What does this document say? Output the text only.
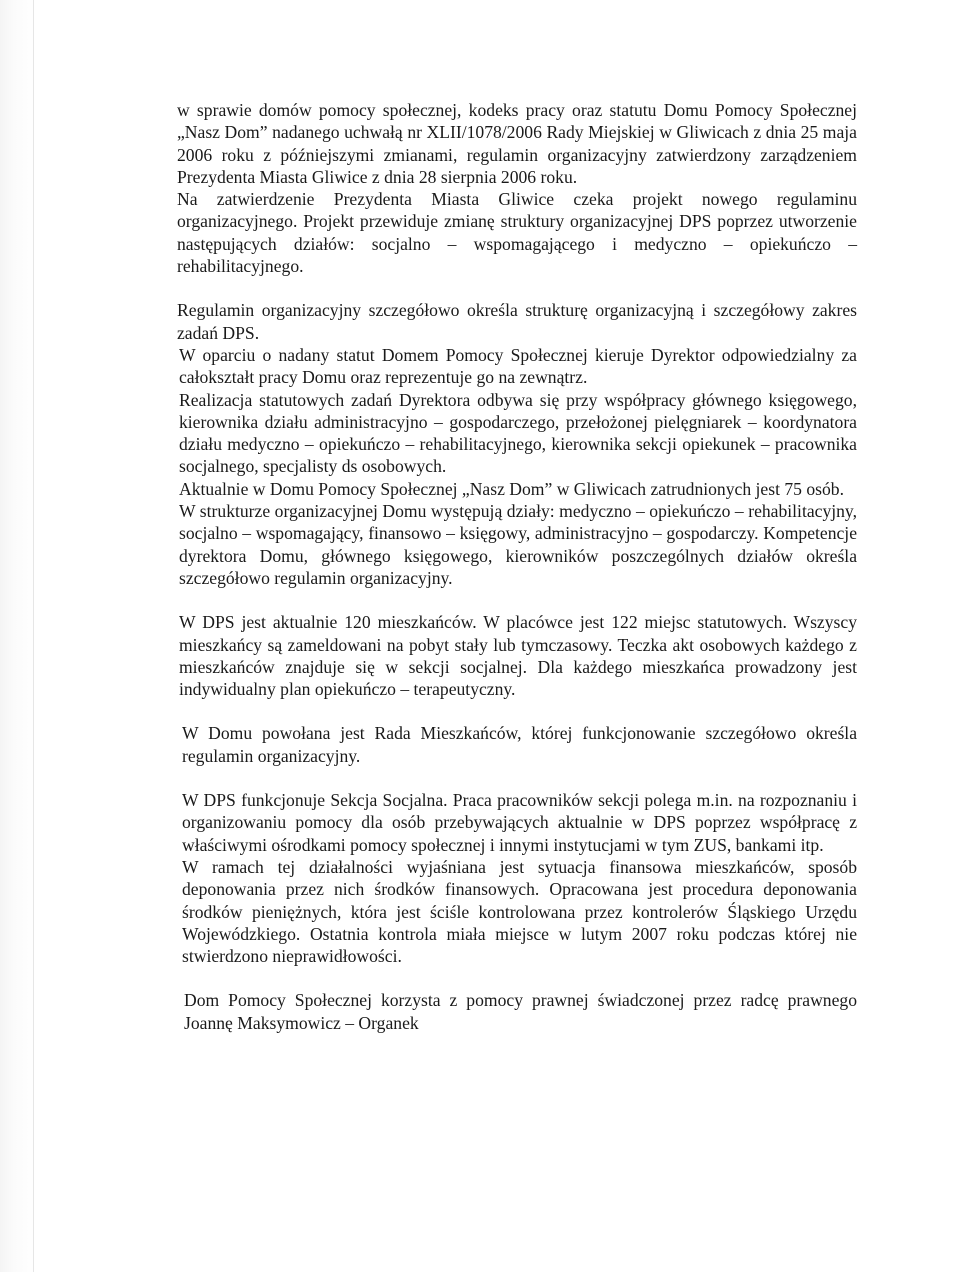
w sprawie domów pomocy społecznej, kodeks pracy oraz statutu Domu Pomocy Społecznej „Nasz Dom” nadanego uchwałą nr XLII/1078/2006 Rady Miejskiej w Gliwicach z dnia 25 maja 2006 roku z późniejszymi zmianami, regulamin organizacyjny zatwierdzony zarządzeniem Prezydenta Miasta Gliwice z dnia 28 sierpnia 2006 roku.

Na zatwierdzenie Prezydenta Miasta Gliwice czeka projekt nowego regulaminu organizacyjnego. Projekt przewiduje zmianę struktury organizacyjnej DPS poprzez utworzenie następujących działów: socjalno – wspomagającego i medyczno – opiekuńczo – rehabilitacyjnego.

Regulamin organizacyjny szczegółowo określa strukturę organizacyjną i szczegółowy zakres zadań DPS.

W oparciu o nadany statut Domem Pomocy Społecznej kieruje Dyrektor odpowiedzialny za całokształt pracy Domu oraz reprezentuje go na zewnątrz.

Realizacja statutowych zadań Dyrektora odbywa się przy współpracy głównego księgowego, kierownika działu administracyjno – gospodarczego, przełożonej pielęgniarek – koordynatora działu medyczno – opiekuńczo – rehabilitacyjnego, kierownika sekcji opiekunek – pracownika socjalnego, specjalisty ds osobowych.

Aktualnie w Domu Pomocy Społecznej „Nasz Dom” w Gliwicach zatrudnionych jest 75 osób.

W strukturze organizacyjnej Domu występują działy: medyczno – opiekuńczo – rehabilitacyjny, socjalno – wspomagający, finansowo – księgowy, administracyjno – gospodarczy. Kompetencje dyrektora Domu, głównego księgowego, kierowników poszczególnych działów określa szczegółowo regulamin organizacyjny.

W DPS jest aktualnie 120 mieszkańców. W placówce jest 122 miejsc statutowych. Wszyscy mieszkańcy są zameldowani na pobyt stały lub tymczasowy. Teczka akt osobowych każdego z mieszkańców znajduje się w sekcji socjalnej. Dla każdego mieszkańca prowadzony jest indywidualny plan opiekuńczo – terapeutyczny.

W Domu powołana jest Rada Mieszkańców, której funkcjonowanie szczegółowo określa regulamin organizacyjny.

W DPS funkcjonuje Sekcja Socjalna. Praca pracowników sekcji polega m.in. na rozpoznaniu i organizowaniu pomocy dla osób przebywających aktualnie w DPS poprzez współpracę z właściwymi ośrodkami pomocy społecznej i innymi instytucjami w tym ZUS, bankami itp.

W ramach tej działalności wyjaśniana jest sytuacja finansowa mieszkańców, sposób deponowania przez nich środków finansowych. Opracowana jest procedura deponowania środków pieniężnych, która jest ściśle kontrolowana przez kontrolerów Śląskiego Urzędu Wojewódzkiego. Ostatnia kontrola miała miejsce w lutym 2007 roku podczas której nie stwierdzono nieprawidłowości.

Dom Pomocy Społecznej korzysta z pomocy prawnej świadczonej przez radcę prawnego Joannę Maksymowicz – Organek
